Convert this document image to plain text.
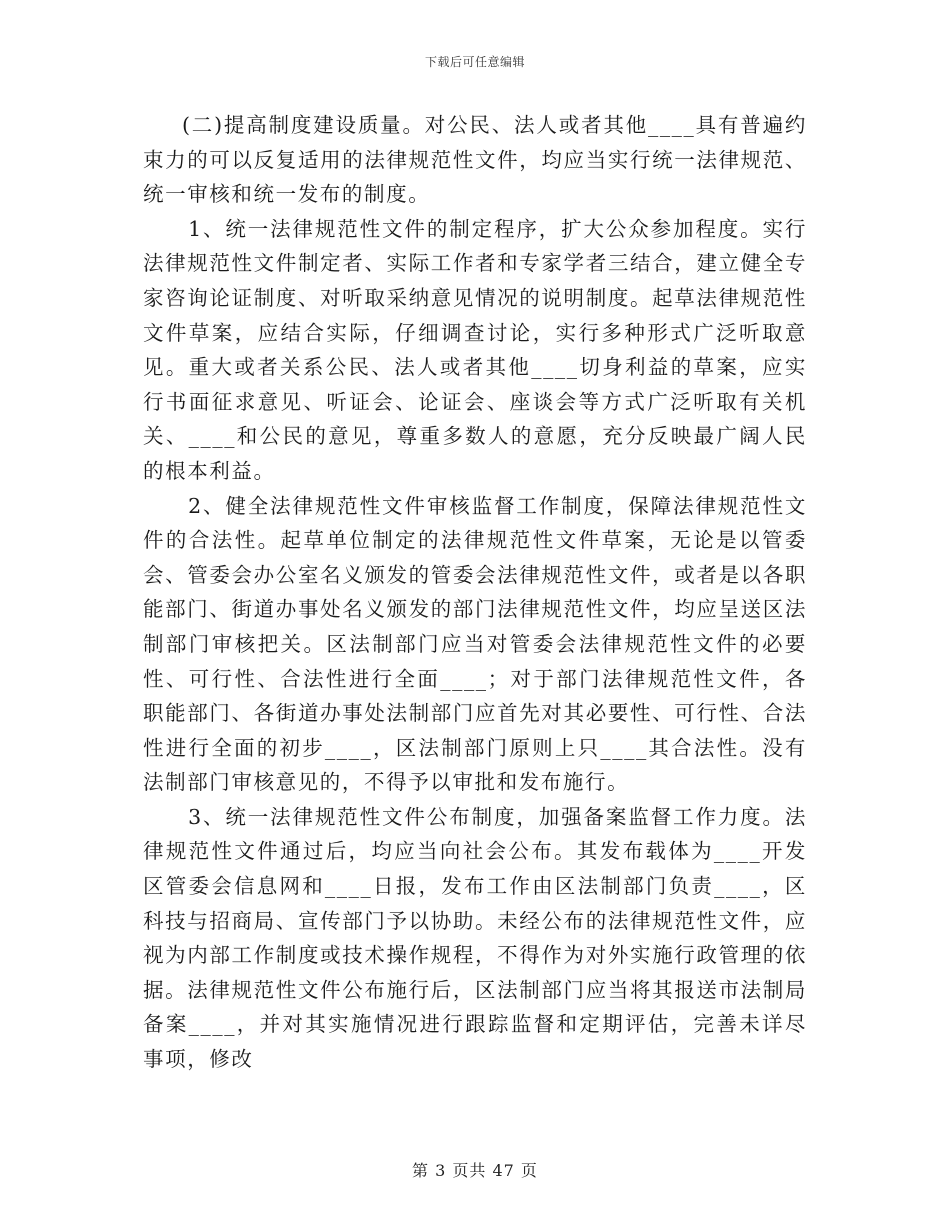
下载后可任意编辑

(二)提高制度建设质量。对公民、法人或者其他____具有普遍约束力的可以反复适用的法律规范性文件，均应当实行统一法律规范、统一审核和统一发布的制度。

1、统一法律规范性文件的制定程序，扩大公众参加程度。实行法律规范性文件制定者、实际工作者和专家学者三结合，建立健全专家咨询论证制度、对听取采纳意见情况的说明制度。起草法律规范性文件草案，应结合实际，仔细调查讨论，实行多种形式广泛听取意见。重大或者关系公民、法人或者其他____切身利益的草案，应实行书面征求意见、听证会、论证会、座谈会等方式广泛听取有关机关、____和公民的意见，尊重多数人的意愿，充分反映最广阔人民的根本利益。

2、健全法律规范性文件审核监督工作制度，保障法律规范性文件的合法性。起草单位制定的法律规范性文件草案，无论是以管委会、管委会办公室名义颁发的管委会法律规范性文件，或者是以各职能部门、街道办事处名义颁发的部门法律规范性文件，均应呈送区法制部门审核把关。区法制部门应当对管委会法律规范性文件的必要性、可行性、合法性进行全面____；对于部门法律规范性文件，各职能部门、各街道办事处法制部门应首先对其必要性、可行性、合法性进行全面的初步____，区法制部门原则上只____其合法性。没有法制部门审核意见的，不得予以审批和发布施行。

3、统一法律规范性文件公布制度，加强备案监督工作力度。法律规范性文件通过后，均应当向社会公布。其发布载体为____开发区管委会信息网和____日报，发布工作由区法制部门负责____，区科技与招商局、宣传部门予以协助。未经公布的法律规范性文件，应视为内部工作制度或技术操作规程，不得作为对外实施行政管理的依据。法律规范性文件公布施行后，区法制部门应当将其报送市法制局备案____，并对其实施情况进行跟踪监督和定期评估，完善未详尽事项，修改

第 3 页共 47 页
